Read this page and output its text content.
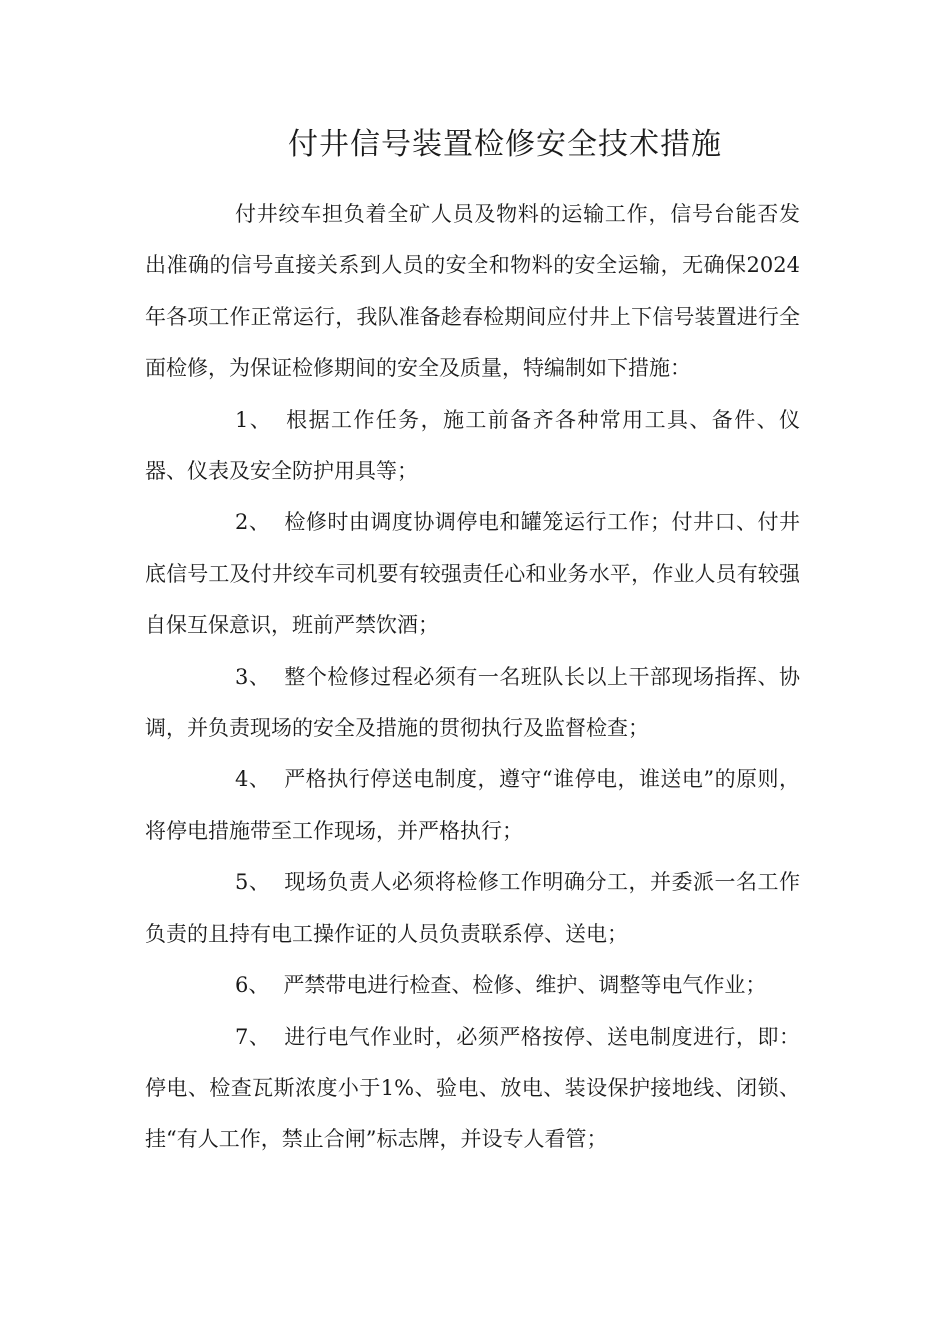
付井信号装置检修安全技术措施

付井绞车担负着全矿人员及物料的运输工作，信号台能否发出准确的信号直接关系到人员的安全和物料的安全运输，无确保2024年各项工作正常运行，我队准备趁春检期间应付井上下信号装置进行全面检修，为保证检修期间的安全及质量，特编制如下措施：

1、 根据工作任务，施工前备齐各种常用工具、备件、仪器、仪表及安全防护用具等；

2、 检修时由调度协调停电和罐笼运行工作；付井口、付井底信号工及付井绞车司机要有较强责任心和业务水平，作业人员有较强自保互保意识，班前严禁饮酒；

3、 整个检修过程必须有一名班队长以上干部现场指挥、协调，并负责现场的安全及措施的贯彻执行及监督检查；

4、 严格执行停送电制度，遵守“谁停电，谁送电”的原则，将停电措施带至工作现场，并严格执行；

5、 现场负责人必须将检修工作明确分工，并委派一名工作负责的且持有电工操作证的人员负责联系停、送电；

6、 严禁带电进行检查、检修、维护、调整等电气作业；

7、 进行电气作业时，必须严格按停、送电制度进行，即：停电、检查瓦斯浓度小于1%、验电、放电、装设保护接地线、闭锁、挂“有人工作，禁止合闸”标志牌，并设专人看管；
